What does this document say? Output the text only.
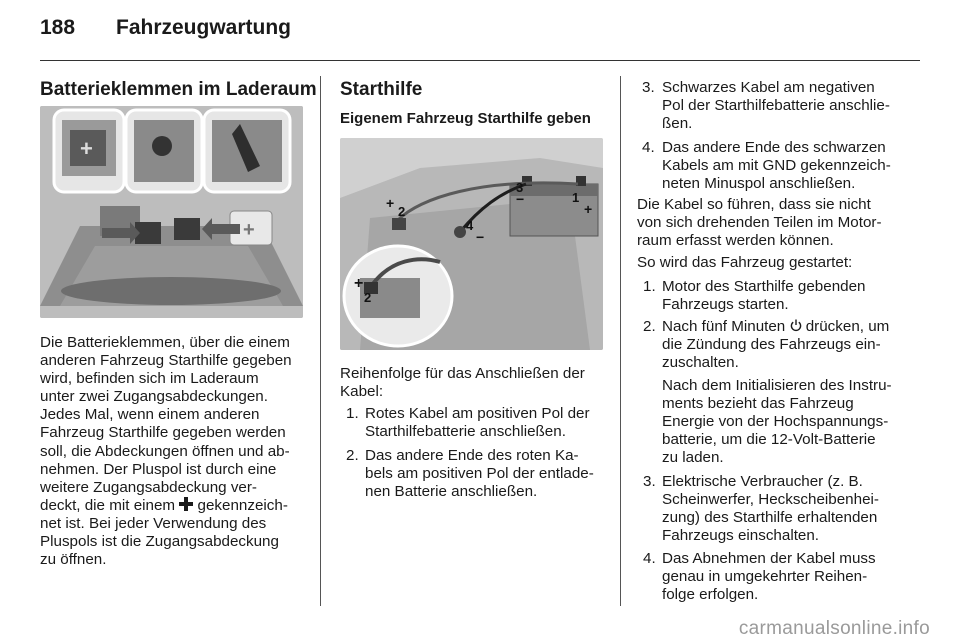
188 Fahrzeugwartung
Batterieklemmen im Laderaum
+
+
Die Batterieklemmen, über die einem
anderen Fahrzeug Starthilfe gegeben
wird, befinden sich im Laderaum
unter zwei Zugangsabdeckungen.
Jedes Mal, wenn einem anderen
Fahrzeug Starthilfe gegeben werden
soll, die Abdeckungen öffnen und ab-
nehmen. Der Pluspol ist durch eine
weitere Zugangsabdeckung ver-
deckt, die mit einem gekennzeich-
net ist. Bei jeder Verwendung des
Pluspols ist die Zugangsabdeckung
zu öffnen.
Starthilfe
Eigenem Fahrzeug Starthilfe geben
1
+
2
+
3
−
4
−
+
2
Reihenfolge für das Anschließen der
Kabel:
1. Rotes Kabel am positiven Pol der
Starthilfebatterie anschließen.
2. Das andere Ende des roten Ka-
bels am positiven Pol der entlade-
nen Batterie anschließen.
3. Schwarzes Kabel am negativen
Pol der Starthilfebatterie anschlie-
ßen.
4. Das andere Ende des schwarzen
Kabels am mit GND gekennzeich-
neten Minuspol anschließen.
Die Kabel so führen, dass sie nicht
von sich drehenden Teilen im Motor-
raum erfasst werden können.
So wird das Fahrzeug gestartet:
1. Motor des Starthilfe gebenden
Fahrzeugs starten.
2. Nach fünf Minuten drücken, um
die Zündung des Fahrzeugs ein-
zuschalten.
Nach dem Initialisieren des Instru-
ments bezieht das Fahrzeug
Energie von der Hochspannungs-
batterie, um die 12-Volt-Batterie
zu laden.
3. Elektrische Verbraucher (z. B.
Scheinwerfer, Heckscheibenhei-
zung) des Starthilfe erhaltenden
Fahrzeugs einschalten.
4. Das Abnehmen der Kabel muss
genau in umgekehrter Reihen-
folge erfolgen.
carmanualsonline.info
